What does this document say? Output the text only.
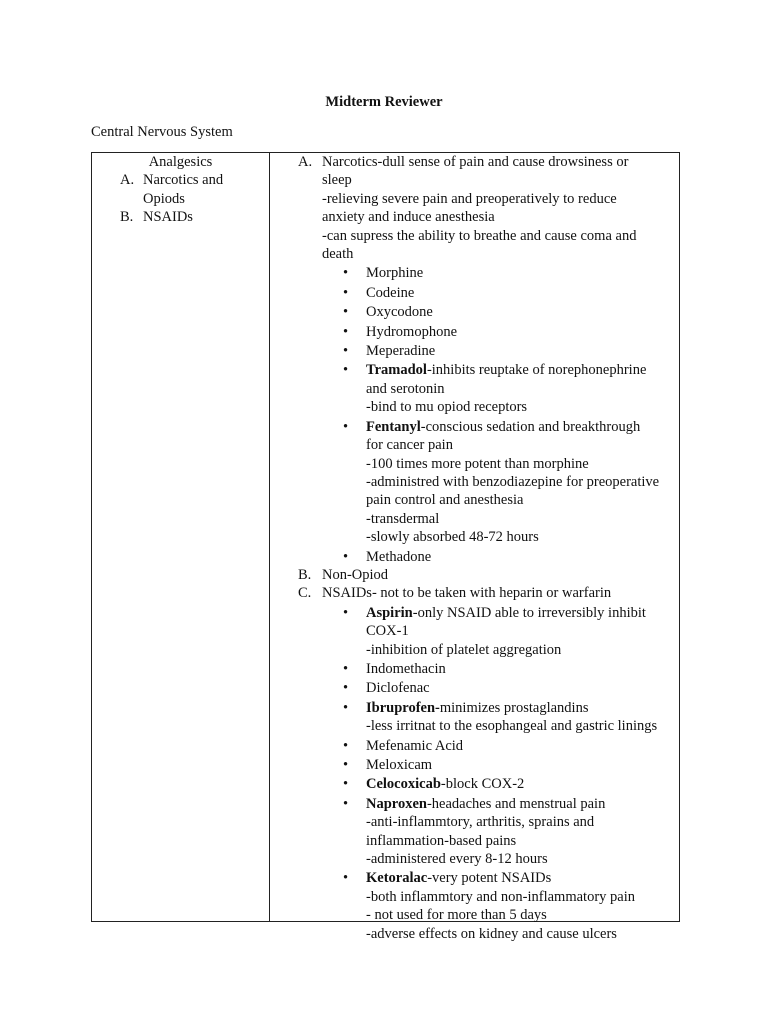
Midterm Reviewer
Central Nervous System
Analgesics
A. Narcotics and
Opiods
B. NSAIDs
A. Narcotics-dull sense of pain and cause drowsiness or
sleep
-relieving severe pain and preoperatively to reduce
anxiety and induce anesthesia
-can supress the ability to breathe and cause coma and
death
• Morphine
• Codeine
• Oxycodone
• Hydromophone
• Meperadine
• Tramadol-inhibits reuptake of norephonephrine
and serotonin
-bind to mu opiod receptors
• Fentanyl-conscious sedation and breakthrough
for cancer pain
-100 times more potent than morphine
-administred with benzodiazepine for preoperative
pain control and anesthesia
-transdermal
-slowly absorbed 48-72 hours
• Methadone
B. Non-Opiod
C. NSAIDs- not to be taken with heparin or warfarin
• Aspirin-only NSAID able to irreversibly inhibit
COX-1
-inhibition of platelet aggregation
• Indomethacin
• Diclofenac
• Ibruprofen-minimizes prostaglandins
-less irritnat to the esophangeal and gastric linings
• Mefenamic Acid
• Meloxicam
• Celocoxicab-block COX-2
• Naproxen-headaches and menstrual pain
-anti-inflammtory, arthritis, sprains and
inflammation-based pains
-administered every 8-12 hours
• Ketoralac-very potent NSAIDs
-both inflammtory and non-inflammatory pain
- not used for more than 5 days
-adverse effects on kidney and cause ulcers
